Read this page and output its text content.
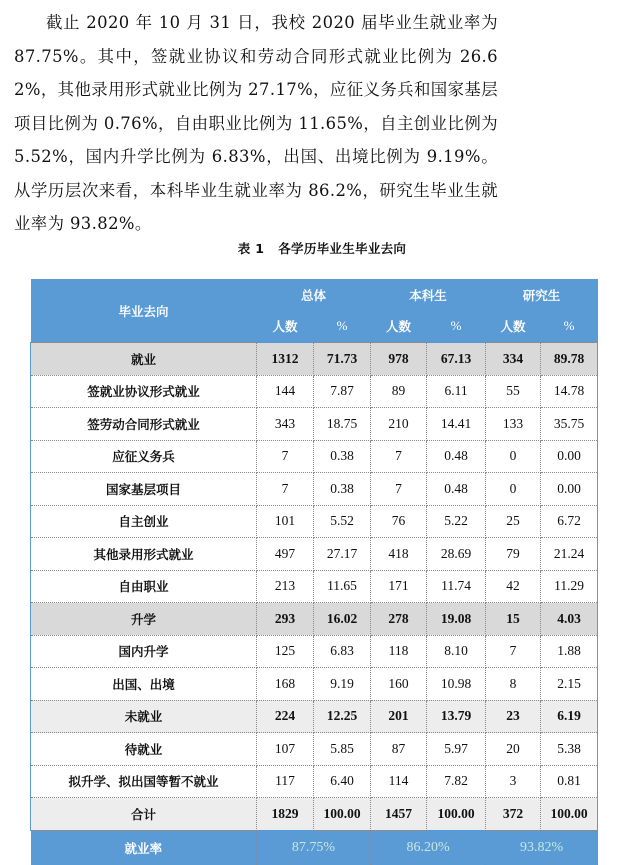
截止 2020 年 10 月 31 日，我校 2020 届毕业生就业率为 87.75%。其中，签就业协议和劳动合同形式就业比例为 26.62%，其他录用形式就业比例为 27.17%，应征义务兵和国家基层项目比例为 0.76%，自由职业比例为 11.65%，自主创业比例为 5.52%，国内升学比例为 6.83%，出国、出境比例为 9.19%。从学历层次来看，本科毕业生就业率为 86.2%，研究生毕业生就业率为 93.82%。

表 1 各学历毕业生毕业去向
毕业去向	总体		本科生		研究生	
	人数	%	人数	%	人数	%
就业	1312	71.73	978	67.13	334	89.78
签就业协议形式就业	144	7.87	89	6.11	55	14.78
签劳动合同形式就业	343	18.75	210	14.41	133	35.75
应征义务兵	7	0.38	7	0.48	0	0.00
国家基层项目	7	0.38	7	0.48	0	0.00
自主创业	101	5.52	76	5.22	25	6.72
其他录用形式就业	497	27.17	418	28.69	79	21.24
自由职业	213	11.65	171	11.74	42	11.29
升学	293	16.02	278	19.08	15	4.03
国内升学	125	6.83	118	8.10	7	1.88
出国、出境	168	9.19	160	10.98	8	2.15
未就业	224	12.25	201	13.79	23	6.19
待就业	107	5.85	87	5.97	20	5.38
拟升学、拟出国等暂不就业	117	6.40	114	7.82	3	0.81
合计	1829	100.00	1457	100.00	372	100.00
就业率	87.75%		86.20%		93.82%	
